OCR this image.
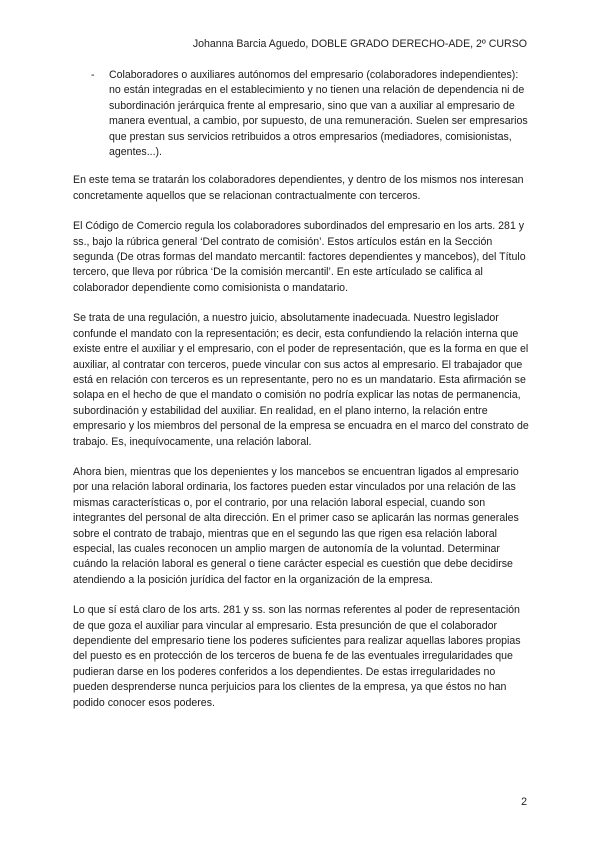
Johanna Barcia Aguedo, DOBLE GRADO DERECHO-ADE, 2º CURSO
- Colaboradores o auxiliares autónomos del empresario (colaboradores independientes): no están integradas en el establecimiento y no tienen una relación de dependencia ni de subordinación jerárquica frente al empresario, sino que van a auxiliar al empresario de manera eventual, a cambio, por supuesto, de una remuneración. Suelen ser empresarios que prestan sus servicios retribuidos a otros empresarios (mediadores, comisionistas, agentes...).

En este tema se tratarán los colaboradores dependientes, y dentro de los mismos nos interesan concretamente aquellos que se relacionan contractualmente con terceros.

El Código de Comercio regula los colaboradores subordinados del empresario en los arts. 281 y ss., bajo la rúbrica general ‘Del contrato de comisión’. Estos artículos están en la Sección segunda (De otras formas del mandato mercantil: factores dependientes y mancebos), del Título tercero, que lleva por rúbrica ‘De la comisión mercantil’. En este artículado se califica al colaborador dependiente como comisionista o mandatario.

Se trata de una regulación, a nuestro juicio, absolutamente inadecuada. Nuestro legislador confunde el mandato con la representación; es decir, esta confundiendo la relación interna que existe entre el auxiliar y el empresario, con el poder de representación, que es la forma en que el auxiliar, al contratar con terceros, puede vincular con sus actos al empresario. El trabajador que está en relación con terceros es un representante, pero no es un mandatario. Esta afirmación se solapa en el hecho de que el mandato o comisión no podría explicar las notas de permanencia, subordinación y estabilidad del auxiliar. En realidad, en el plano interno, la relación entre empresario y los miembros del personal de la empresa se encuadra en el marco del constrato de trabajo. Es, inequívocamente, una relación laboral.

Ahora bien, mientras que los depenientes y los mancebos se encuentran ligados al empresario por una relación laboral ordinaria, los factores pueden estar vinculados por una relación de las mismas características o, por el contrario, por una relación laboral especial, cuando son integrantes del personal de alta dirección. En el primer caso se aplicarán las normas generales sobre el contrato de trabajo, mientras que en el segundo las que rigen esa relación laboral especial, las cuales reconocen un amplio margen de autonomía de la voluntad. Determinar cuándo la relación laboral es general o tiene carácter especial es cuestión que debe decidirse atendiendo a la posición jurídica del factor en la organización de la empresa.

Lo que sí está claro de los arts. 281 y ss. son las normas referentes al poder de representación de que goza el auxiliar para vincular al empresario. Esta presunción de que el colaborador dependiente del empresario tiene los poderes suficientes para realizar aquellas labores propias del puesto es en protección de los terceros de buena fe de las eventuales irregularidades que pudieran darse en los poderes conferidos a los dependientes. De estas irregularidades no pueden desprenderse nunca perjuicios para los clientes de la empresa, ya que éstos no han podido conocer esos poderes.

2
